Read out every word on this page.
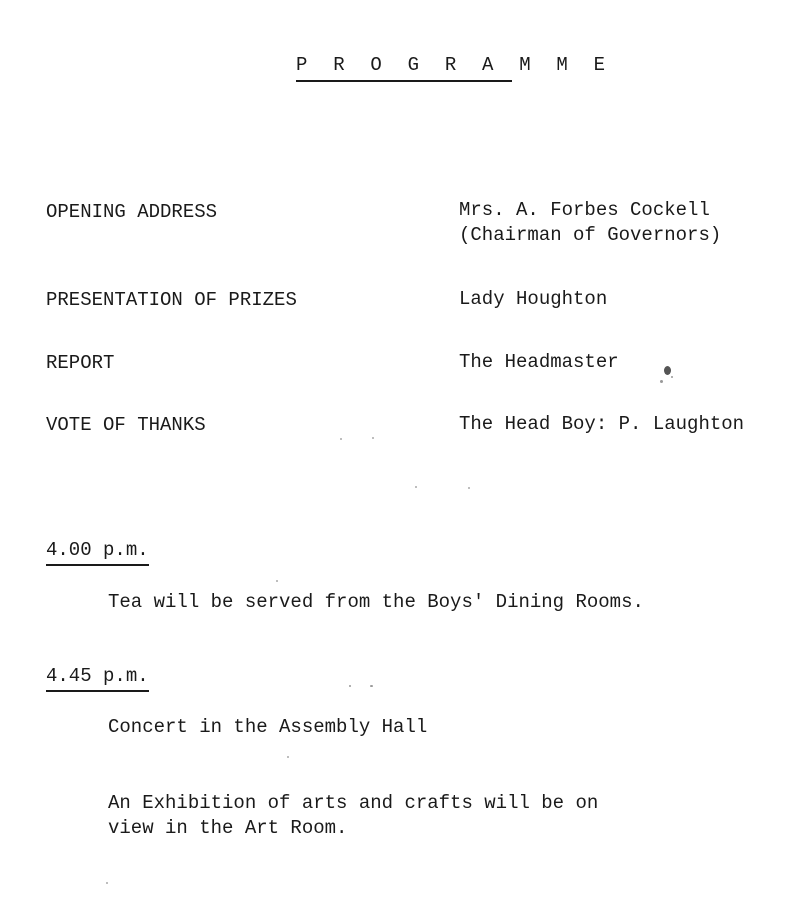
P R O G R A M M E
OPENING ADDRESS	Mrs. A. Forbes Cockell
(Chairman of Governors)
PRESENTATION OF PRIZES	Lady Houghton
REPORT	The Headmaster
VOTE OF THANKS	The Head Boy: P. Laughton
4.00 p.m.
Tea will be served from the Boys' Dining Rooms.
4.45 p.m.
Concert in the Assembly Hall
An Exhibition of arts and crafts will be on
view in the Art Room.
